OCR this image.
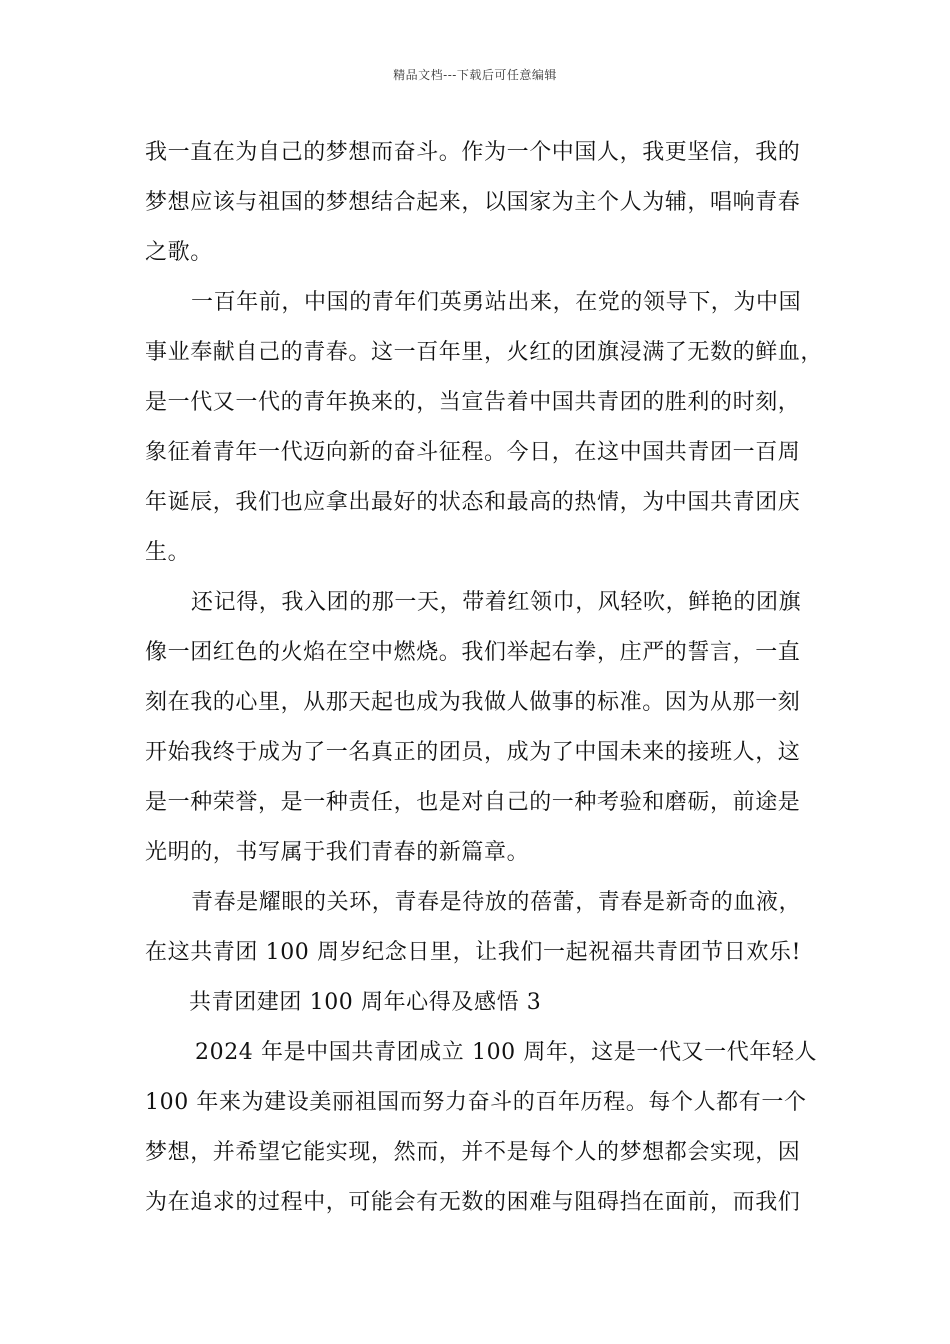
精品文档---下载后可任意编辑
我一直在为自己的梦想而奋斗。作为一个中国人，我更坚信，我的
梦想应该与祖国的梦想结合起来，以国家为主个人为辅，唱响青春
之歌。
一百年前，中国的青年们英勇站出来，在党的领导下，为中国
事业奉献自己的青春。这一百年里，火红的团旗浸满了无数的鲜血，
是一代又一代的青年换来的，当宣告着中国共青团的胜利的时刻，
象征着青年一代迈向新的奋斗征程。今日，在这中国共青团一百周
年诞辰，我们也应拿出最好的状态和最高的热情，为中国共青团庆
生。
还记得，我入团的那一天，带着红领巾，风轻吹，鲜艳的团旗
像一团红色的火焰在空中燃烧。我们举起右拳，庄严的誓言，一直
刻在我的心里，从那天起也成为我做人做事的标准。因为从那一刻
开始我终于成为了一名真正的团员，成为了中国未来的接班人，这
是一种荣誉，是一种责任，也是对自己的一种考验和磨砺，前途是
光明的，书写属于我们青春的新篇章。
青春是耀眼的关环，青春是待放的蓓蕾，青春是新奇的血液，
在这共青团 100 周岁纪念日里，让我们一起祝福共青团节日欢乐!
共青团建团 100 周年心得及感悟 3
2024 年是中国共青团成立 100 周年，这是一代又一代年轻人
100 年来为建设美丽祖国而努力奋斗的百年历程。每个人都有一个
梦想，并希望它能实现，然而，并不是每个人的梦想都会实现，因
为在追求的过程中，可能会有无数的困难与阻碍挡在面前，而我们
